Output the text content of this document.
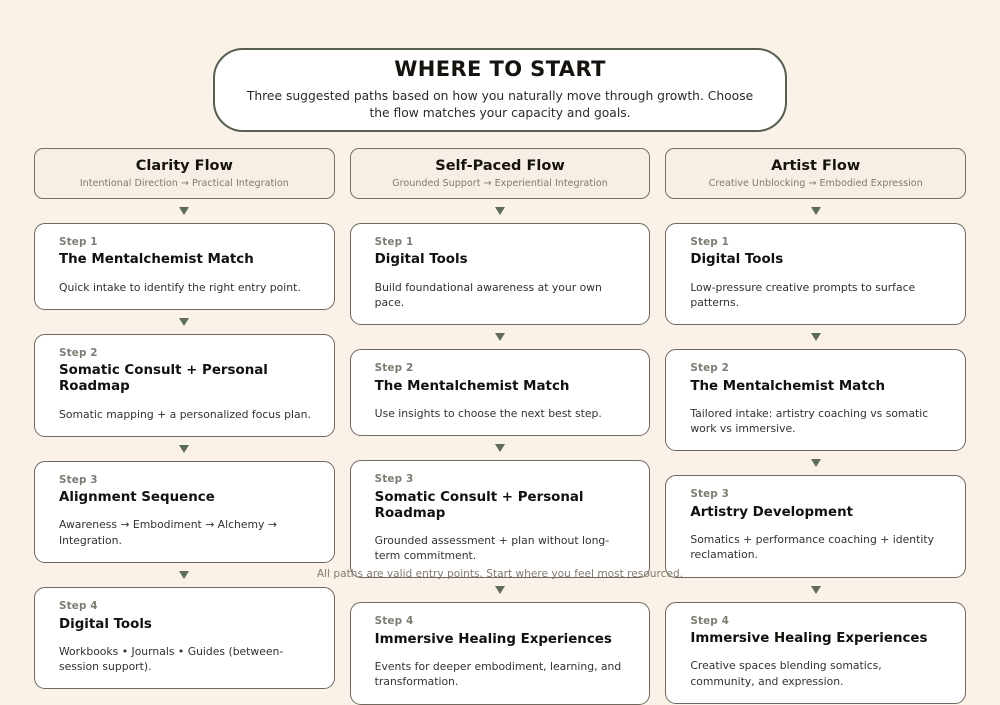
WHERE TO START
Three suggested paths based on how you naturally move through growth. Choose the flow matches your capacity and goals.
Clarity Flow
Intentional Direction → Practical Integration
Step 1
The Mentalchemist Match
Quick intake to identify the right entry point.
Step 2
Somatic Consult + Personal Roadmap
Somatic mapping + a personalized focus plan.
Step 3
Alignment Sequence
Awareness → Embodiment → Alchemy → Integration.
Step 4
Digital Tools
Workbooks • Journals • Guides (between-session support).
Self-Paced Flow
Grounded Support → Experiential Integration
Step 1
Digital Tools
Build foundational awareness at your own pace.
Step 2
The Mentalchemist Match
Use insights to choose the next best step.
Step 3
Somatic Consult + Personal Roadmap
Grounded assessment + plan without long-term commitment.
Step 4
Immersive Healing Experiences
Events for deeper embodiment, learning, and transformation.
Artist Flow
Creative Unblocking → Embodied Expression
Step 1
Digital Tools
Low-pressure creative prompts to surface patterns.
Step 2
The Mentalchemist Match
Tailored intake: artistry coaching vs somatic work vs immersive.
Step 3
Artistry Development
Somatics + performance coaching + identity reclamation.
Step 4
Immersive Healing Experiences
Creative spaces blending somatics, community, and expression.
All paths are valid entry points. Start where you feel most resourced.
